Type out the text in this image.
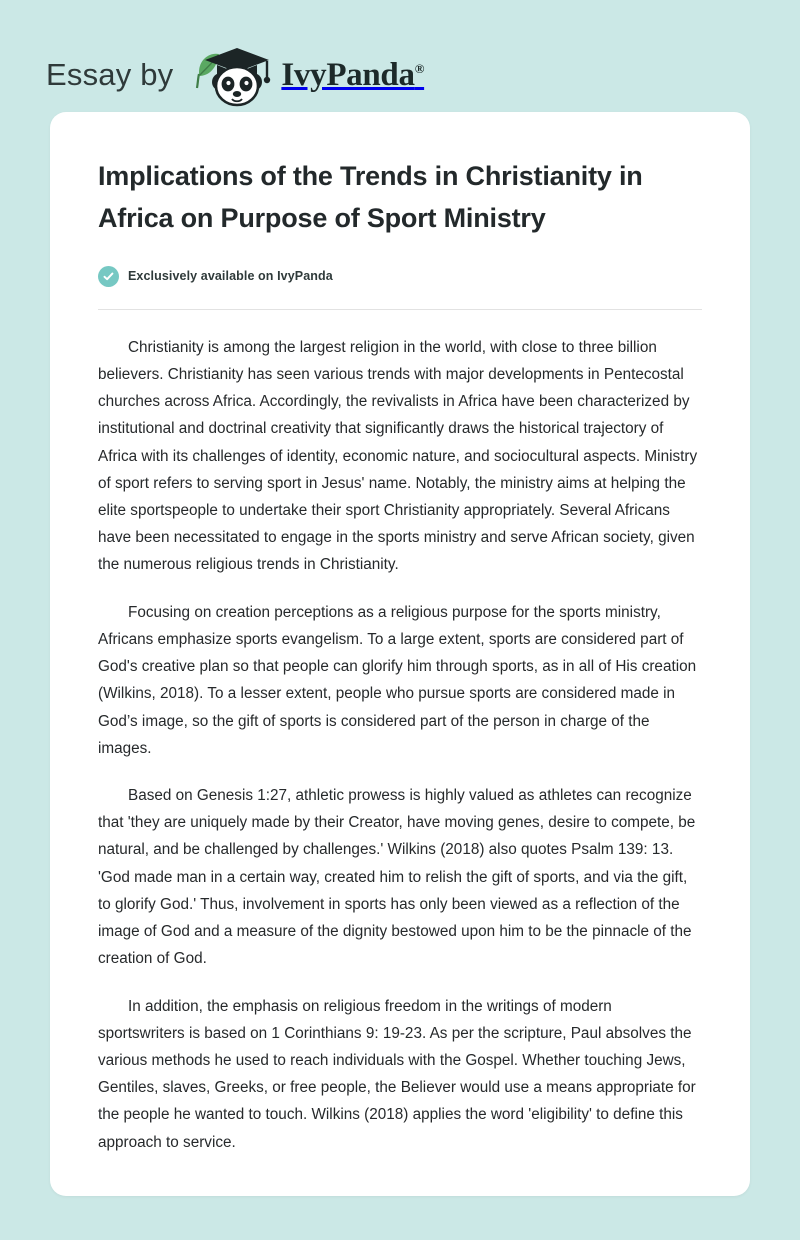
Essay by	IvyPanda®
Implications of the Trends in Christianity in Africa on Purpose of Sport Ministry
Exclusively available on IvyPanda

Christianity is among the largest religion in the world, with close to three billion believers. Christianity has seen various trends with major developments in Pentecostal churches across Africa. Accordingly, the revivalists in Africa have been characterized by institutional and doctrinal creativity that significantly draws the historical trajectory of Africa with its challenges of identity, economic nature, and sociocultural aspects. Ministry of sport refers to serving sport in Jesus' name. Notably, the ministry aims at helping the elite sportspeople to undertake their sport Christianity appropriately. Several Africans have been necessitated to engage in the sports ministry and serve African society, given the numerous religious trends in Christianity.

Focusing on creation perceptions as a religious purpose for the sports ministry, Africans emphasize sports evangelism. To a large extent, sports are considered part of God's creative plan so that people can glorify him through sports, as in all of His creation (Wilkins, 2018). To a lesser extent, people who pursue sports are considered made in God’s image, so the gift of sports is considered part of the person in charge of the images.

Based on Genesis 1:27, athletic prowess is highly valued as athletes can recognize that 'they are uniquely made by their Creator, have moving genes, desire to compete, be natural, and be challenged by challenges.' Wilkins (2018) also quotes Psalm 139: 13. 'God made man in a certain way, created him to relish the gift of sports, and via the gift, to glorify God.' Thus, involvement in sports has only been viewed as a reflection of the image of God and a measure of the dignity bestowed upon him to be the pinnacle of the creation of God.

In addition, the emphasis on religious freedom in the writings of modern sportswriters is based on 1 Corinthians 9: 19-23. As per the scripture, Paul absolves the various methods he used to reach individuals with the Gospel. Whether touching Jews, Gentiles, slaves, Greeks, or free people, the Believer would use a means appropriate for the people he wanted to touch. Wilkins (2018) applies the word 'eligibility' to define this approach to service.
